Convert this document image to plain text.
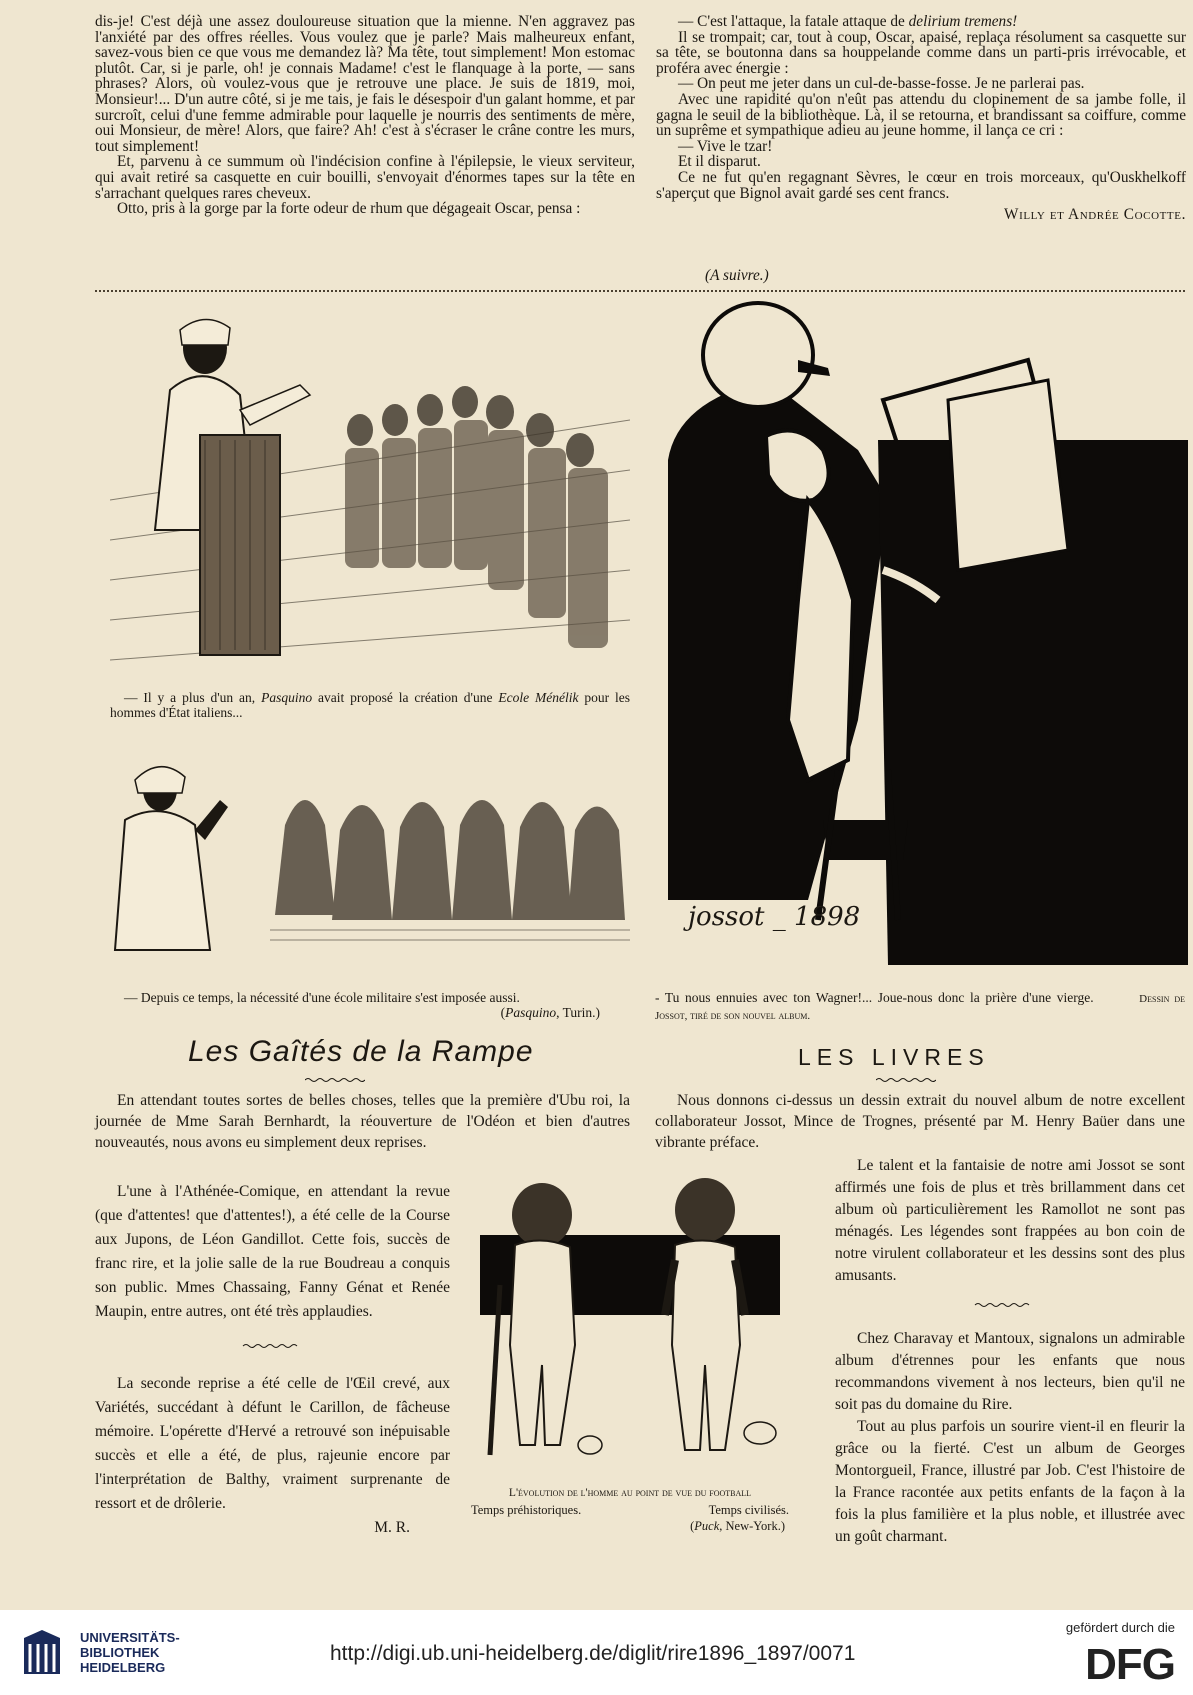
dis-je! C'est déjà une assez douloureuse situation que la mienne. N'en aggravez pas l'anxiété par des offres réelles. Vous voulez que je parle? Mais malheureux enfant, savez-vous bien ce que vous me demandez là? Ma tête, tout simplement! Mon estomac plutôt. Car, si je parle, oh! je connais Madame! c'est le flanquage à la porte, — sans phrases? Alors, où voulez-vous que je retrouve une place. Je suis de 1819, moi, Monsieur!... D'un autre côté, si je me tais, je fais le désespoir d'un galant homme, et par surcroît, celui d'une femme admirable pour laquelle je nourris des sentiments de mère, oui Monsieur, de mère! Alors, que faire? Ah! c'est à s'écraser le crâne contre les murs, tout simplement!

Et, parvenu à ce summum où l'indécision confine à l'épilepsie, le vieux serviteur, qui avait retiré sa casquette en cuir bouilli, s'envoyait d'énormes tapes sur la tête en s'arrachant quelques rares cheveux.

Otto, pris à la gorge par la forte odeur de rhum que dégageait Oscar, pensa :

— C'est l'attaque, la fatale attaque de delirium tremens!

Il se trompait; car, tout à coup, Oscar, apaisé, replaça résolument sa casquette sur sa tête, se boutonna dans sa houppelande comme dans un parti-pris irrévocable, et proféra avec énergie :

— On peut me jeter dans un cul-de-basse-fosse. Je ne parlerai pas.

Avec une rapidité qu'on n'eût pas attendu du clopinement de sa jambe folle, il gagna le seuil de la bibliothèque. Là, il se retourna, et brandissant sa coiffure, comme un suprême et sympathique adieu au jeune homme, il lança ce cri :

— Vive le tzar!

Et il disparut.

Ce ne fut qu'en regagnant Sèvres, le cœur en trois morceaux, qu'Ouskhelkoff s'aperçut que Bignol avait gardé ses cent francs.

Willy et Andrée Cocotte.
(A suivre.)
— Il y a plus d'un an, Pasquino avait proposé la création d'une Ecole Ménélik pour les hommes d'État italiens...
— Depuis ce temps, la nécessité d'une école militaire s'est imposée aussi.
(Pasquino, Turin.)
jossot _ 1898
- Tu nous ennuies avec ton Wagner!... Joue-nous donc la prière d'une vierge.	Dessin de Jossot, tiré de son nouvel album.
Les Gaîtés de la Rampe	LES LIVRES

En attendant toutes sortes de belles choses, telles que la première d'Ubu roi, la journée de Mme Sarah Bernhardt, la réouverture de l'Odéon et bien d'autres nouveautés, nous avons eu simplement deux reprises.

L'une à l'Athénée-Comique, en attendant la revue (que d'attentes! que d'attentes!), a été celle de la Course aux Jupons, de Léon Gandillot. Cette fois, succès de franc rire, et la jolie salle de la rue Boudreau a conquis son public. Mmes Chassaing, Fanny Génat et Renée Maupin, entre autres, ont été très applaudies.

La seconde reprise a été celle de l'Œil crevé, aux Variétés, succédant à défunt le Carillon, de fâcheuse mémoire. L'opérette d'Hervé a retrouvé son inépuisable succès et elle a été, de plus, rajeunie encore par l'interprétation de Balthy, vraiment surprenante de ressort et de drôlerie.

M. R.
L'évolution de l'homme au point de vue du football
Temps préhistoriques.	Temps civilisés.
(Puck, New-York.)

Nous donnons ci-dessus un dessin extrait du nouvel album de notre excellent collaborateur Jossot, Mince de Trognes, présenté par M. Henry Baüer dans une vibrante préface.

Le talent et la fantaisie de notre ami Jossot se sont affirmés une fois de plus et très brillamment dans cet album où particulièrement les Ramollot ne sont pas ménagés. Les légendes sont frappées au bon coin de notre virulent collaborateur et les dessins sont des plus amusants.

Chez Charavay et Mantoux, signalons un admirable album d'étrennes pour les enfants que nous recommandons vivement à nos lecteurs, bien qu'il ne soit pas du domaine du Rire.

Tout au plus parfois un sourire vient-il en fleurir la grâce ou la fierté. C'est un album de Georges Montorgueil, France, illustré par Job. C'est l'histoire de la France racontée aux petits enfants de la façon à la fois la plus familière et la plus noble, et illustrée avec un goût charmant.

UNIVERSITÄTS-
BIBLIOTHEK
HEIDELBERG
http://digi.ub.uni-heidelberg.de/diglit/rire1896_1897/0071
gefördert durch die
DFG
